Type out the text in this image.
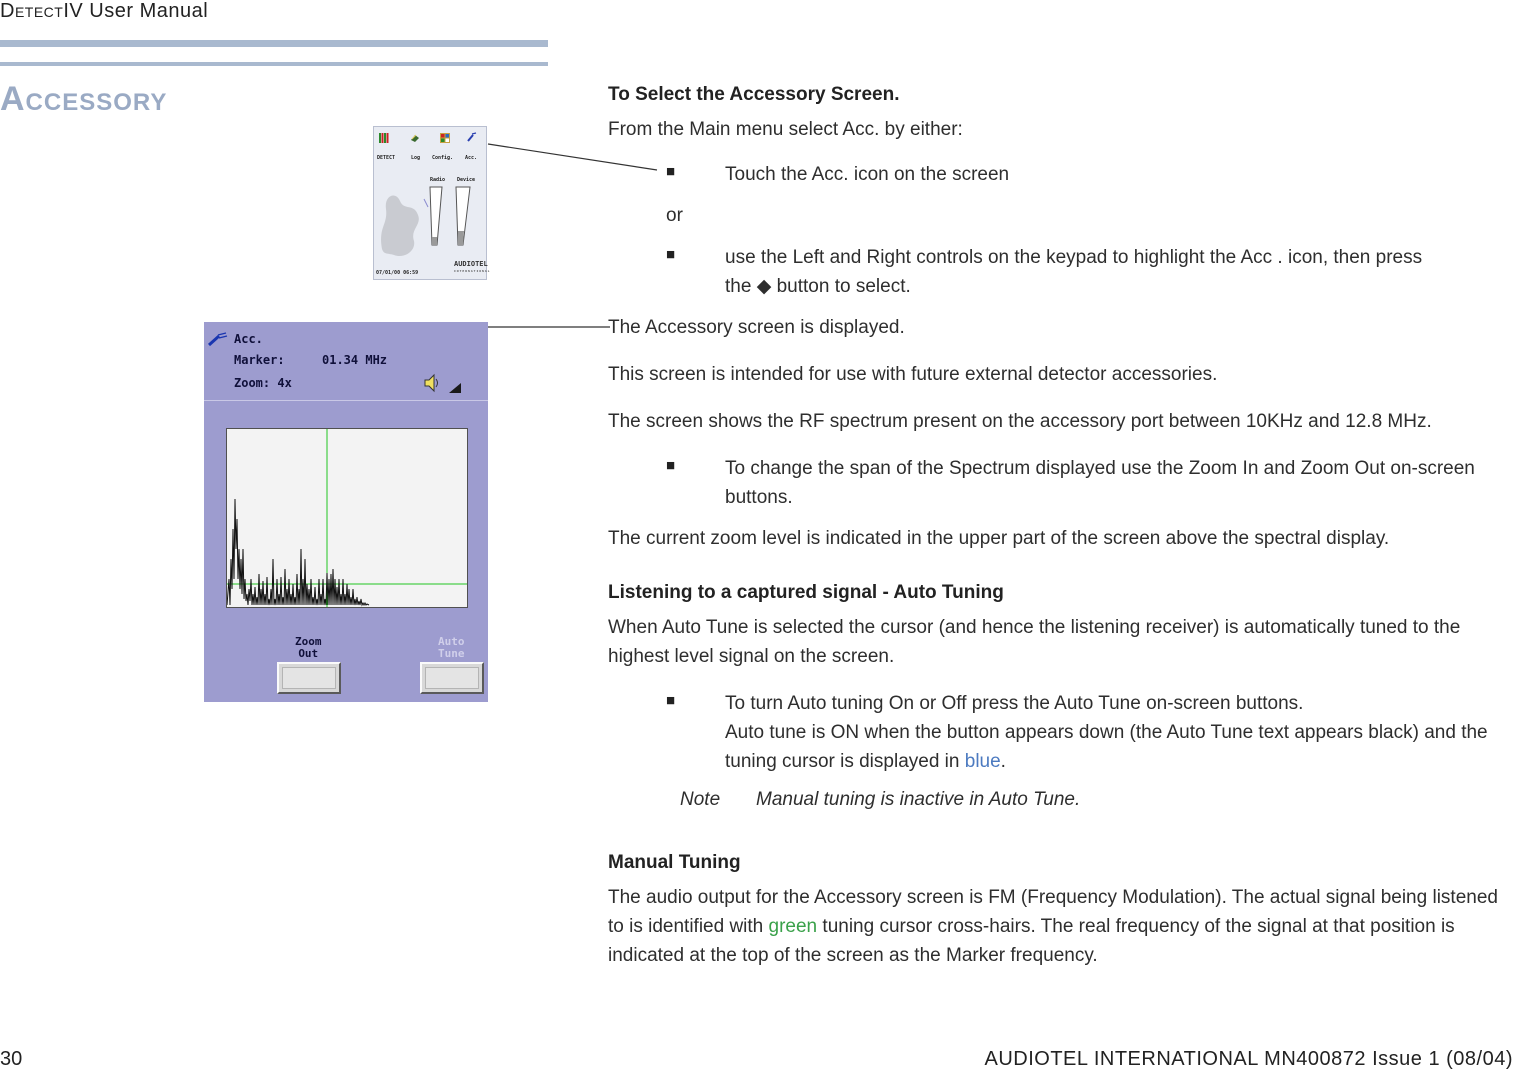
DetectIV User Manual
Accessory
DETECT	Log Config. Acc.
Radio Device
07/01/00 06:59
AUDIOTEL
INTERNATIONAL
Acc.
Marker:	01.34 MHz
Zoom: 4x
Zoom
Out
Auto
Tune
To Select the Accessory Screen.
From the Main menu select Acc. by either:
■	Touch the Acc. icon on the screen
or
■	use the Left and Right controls on the keypad to highlight the Acc . icon, then press
the ◆ button to select.
The Accessory screen is displayed.
This screen is intended for use with future external detector accessories.
The screen shows the RF spectrum present on the accessory port between 10KHz and 12.8 MHz.
■	To change the span of the Spectrum displayed use the Zoom In and Zoom Out on-screen buttons.
The current zoom level is indicated in the upper part of the screen above the spectral display.
Listening to a captured signal - Auto Tuning
When Auto Tune is selected the cursor (and hence the listening receiver) is automatically tuned to the highest level signal on the screen.
■	To turn Auto tuning On or Off press the Auto Tune on-screen buttons.
Auto tune is ON when the button appears down (the Auto Tune text appears black) and the tuning cursor is displayed in blue.
Note Manual tuning is inactive in Auto Tune.
Manual Tuning
The audio output for the Accessory screen is FM (Frequency Modulation). The actual signal being listened to is identified with green tuning cursor cross-hairs. The real frequency of the signal at that position is indicated at the top of the screen as the Marker frequency.
30	AUDIOTEL INTERNATIONAL MN400872 Issue 1 (08/04)
